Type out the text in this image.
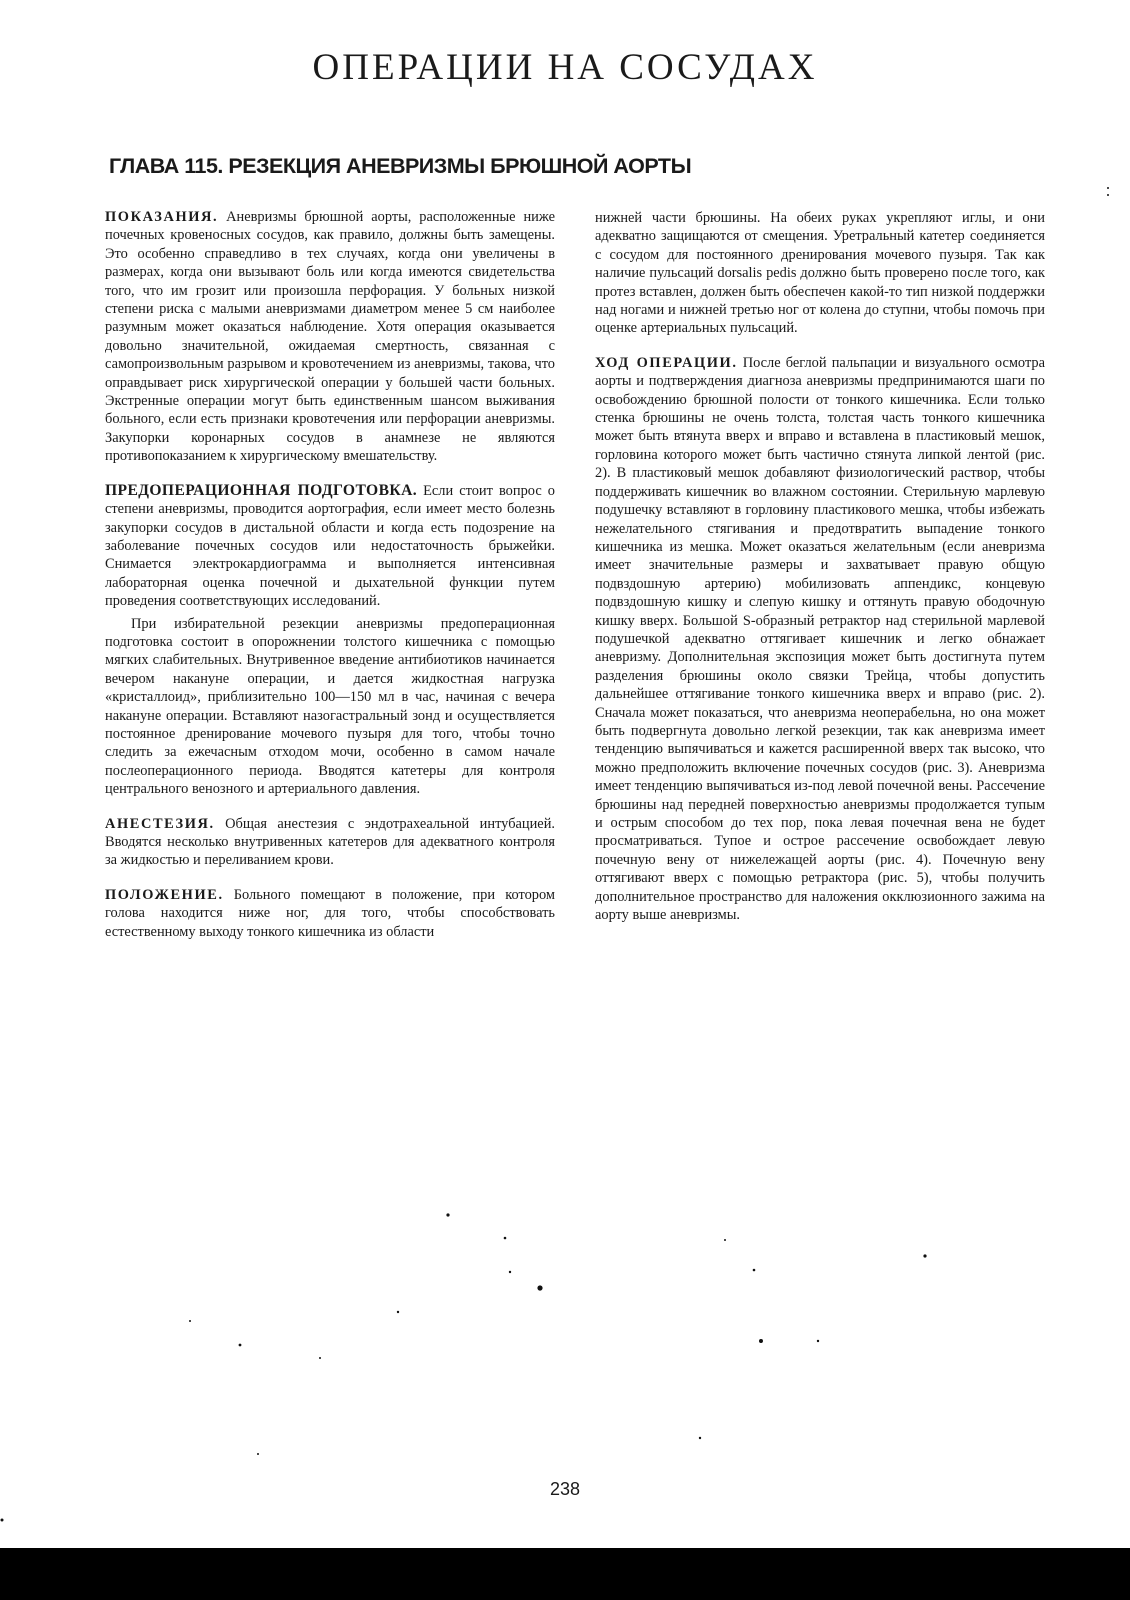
ОПЕРАЦИИ НА СОСУДАХ
ГЛАВА 115. РЕЗЕКЦИЯ АНЕВРИЗМЫ БРЮШНОЙ АОРТЫ

ПОКАЗАНИЯ. Аневризмы брюшной аорты, расположенные ниже почечных кровеносных сосудов, как правило, должны быть замещены. Это особенно справедливо в тех случаях, когда они увеличены в размерах, когда они вызывают боль или когда имеются свидетельства того, что им грозит или произошла перфорация. У больных низкой степени риска с малыми аневризмами диаметром менее 5 см наиболее разумным может оказаться наблюдение. Хотя операция оказывается довольно значительной, ожидаемая смертность, связанная с самопроизвольным разрывом и кровотечением из аневризмы, такова, что оправдывает риск хирургической операции у большей части больных. Экстренные операции могут быть единственным шансом выживания больного, если есть признаки кровотечения или перфорации аневризмы. Закупорки коронарных сосудов в анамнезе не являются противопоказанием к хирургическому вмешательству.

ПРЕДОПЕРАЦИОННАЯ ПОДГОТОВКА. Если стоит вопрос о степени аневризмы, проводится аортография, если имеет место болезнь закупорки сосудов в дистальной области и когда есть подозрение на заболевание почечных сосудов или недостаточность брыжейки. Снимается электрокардиограмма и выполняется интенсивная лабораторная оценка почечной и дыхательной функции путем проведения соответствующих исследований.

При избирательной резекции аневризмы предоперационная подготовка состоит в опорожнении толстого кишечника с помощью мягких слабительных. Внутривенное введение антибиотиков начинается вечером накануне операции, и дается жидкостная нагрузка «кристаллоид», приблизительно 100—150 мл в час, начиная с вечера накануне операции. Вставляют назогастральный зонд и осуществляется постоянное дренирование мочевого пузыря для того, чтобы точно следить за ежечасным отходом мочи, особенно в самом начале послеоперационного периода. Вводятся катетеры для контроля центрального венозного и артериального давления.

АНЕСТЕЗИЯ. Общая анестезия с эндотрахеальной интубацией. Вводятся несколько внутривенных катетеров для адекватного контроля за жидкостью и переливанием крови.

ПОЛОЖЕНИЕ. Больного помещают в положение, при котором голова находится ниже ног, для того, чтобы способствовать естественному выходу тонкого кишечника из области

нижней части брюшины. На обеих руках укрепляют иглы, и они адекватно защищаются от смещения. Уретральный катетер соединяется с сосудом для постоянного дренирования мочевого пузыря. Так как наличие пульсаций dorsalis pedis должно быть проверено после того, как протез вставлен, должен быть обеспечен какой-то тип низкой поддержки над ногами и нижней третью ног от колена до ступни, чтобы помочь при оценке артериальных пульсаций.

ХОД ОПЕРАЦИИ. После беглой пальпации и визуального осмотра аорты и подтверждения диагноза аневризмы предпринимаются шаги по освобождению брюшной полости от тонкого кишечника. Если только стенка брюшины не очень толста, толстая часть тонкого кишечника может быть втянута вверх и вправо и вставлена в пластиковый мешок, горловина которого может быть частично стянута липкой лентой (рис. 2). В пластиковый мешок добавляют физиологический раствор, чтобы поддерживать кишечник во влажном состоянии. Стерильную марлевую подушечку вставляют в горловину пластикового мешка, чтобы избежать нежелательного стягивания и предотвратить выпадение тонкого кишечника из мешка. Может оказаться желательным (если аневризма имеет значительные размеры и захватывает правую общую подвздошную артерию) мобилизовать аппендикс, концевую подвздошную кишку и слепую кишку и оттянуть правую ободочную кишку вверх. Большой S-образный ретрактор над стерильной марлевой подушечкой адекватно оттягивает кишечник и легко обнажает аневризму. Дополнительная экспозиция может быть достигнута путем разделения брюшины около связки Трейца, чтобы допустить дальнейшее оттягивание тонкого кишечника вверх и вправо (рис. 2). Сначала может показаться, что аневризма неоперабельна, но она может быть подвергнута довольно легкой резекции, так как аневризма имеет тенденцию выпячиваться и кажется расширенной вверх так высоко, что можно предположить включение почечных сосудов (рис. 3). Аневризма имеет тенденцию выпячиваться из-под левой почечной вены. Рассечение брюшины над передней поверхностью аневризмы продолжается тупым и острым способом до тех пор, пока левая почечная вена не будет просматриваться. Тупое и острое рассечение освобождает левую почечную вену от нижележащей аорты (рис. 4). Почечную вену оттягивают вверх с помощью ретрактора (рис. 5), чтобы получить дополнительное пространство для наложения окклюзионного зажима на аорту выше аневризмы.

238
